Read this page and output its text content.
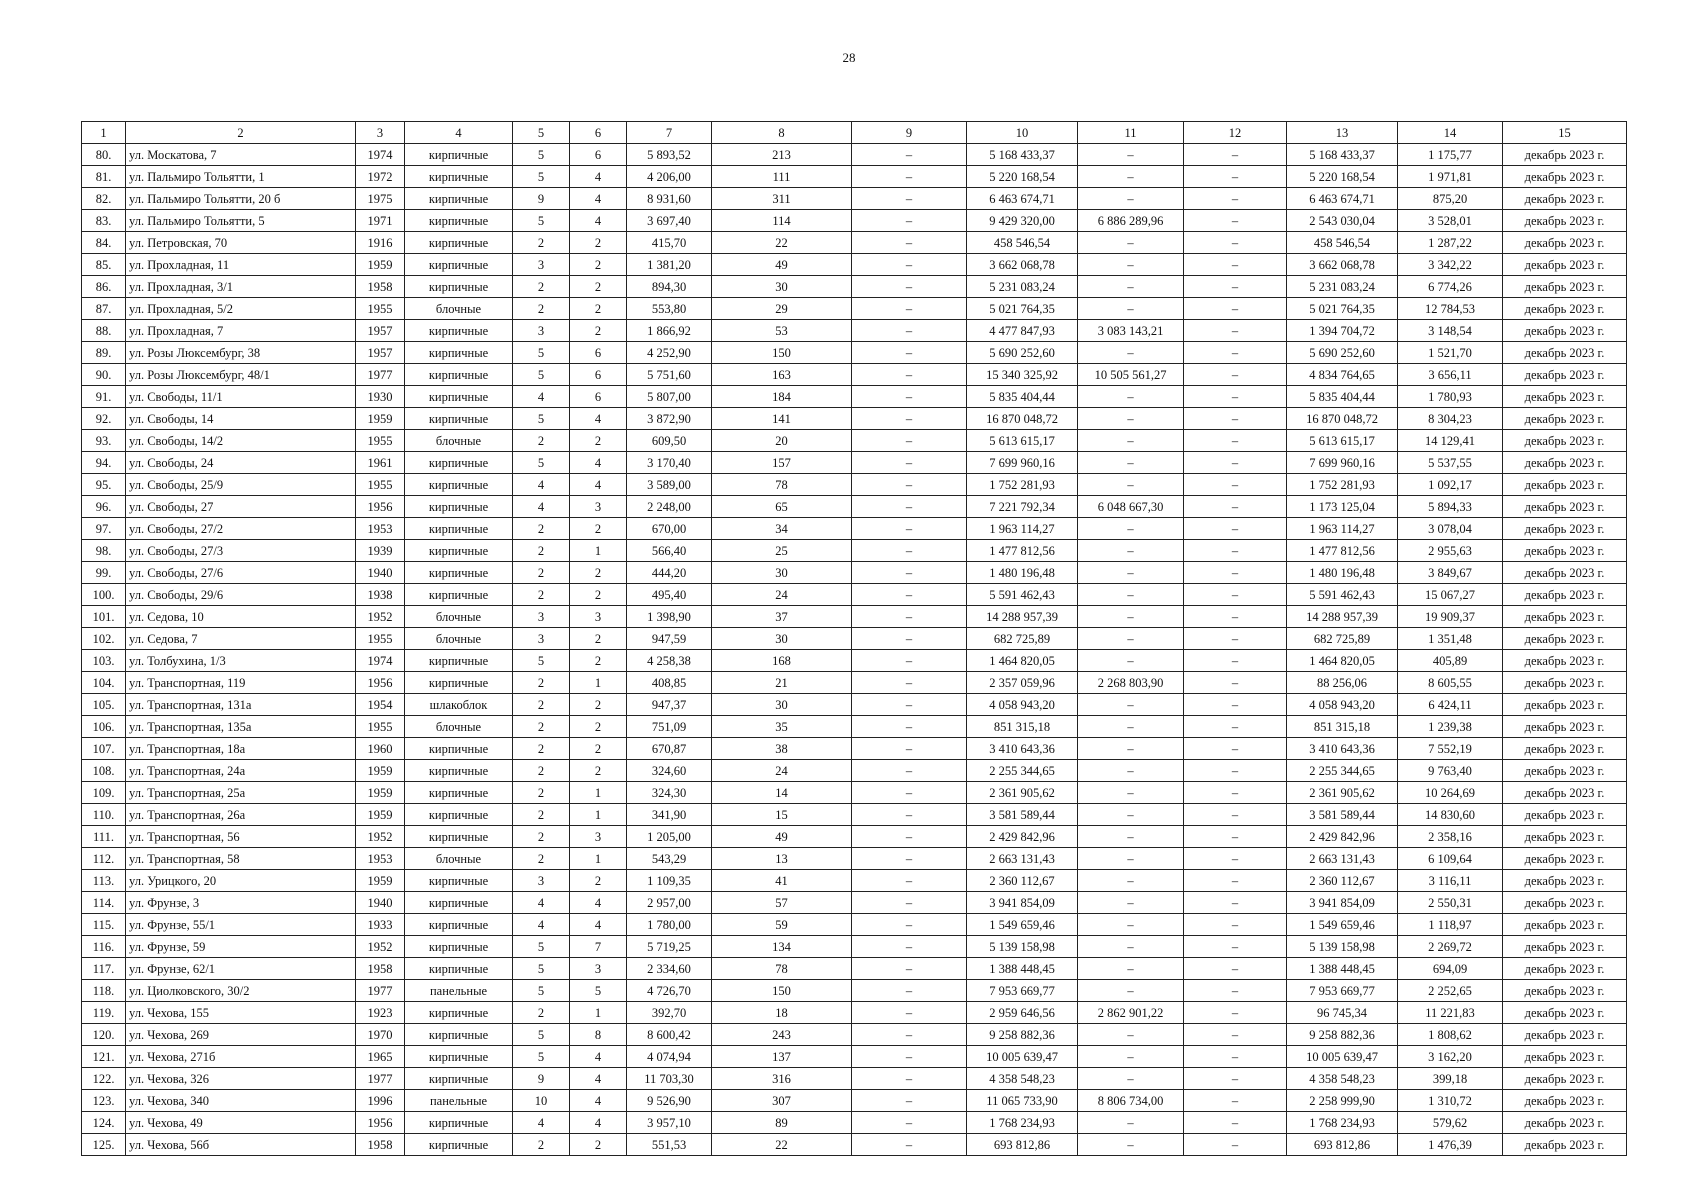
28
1	2	3	4	5	6	7	8	9	10	11	12	13	14	15
80.	ул. Москатова, 7	1974	кирпичные	5	6	5 893,52	213	–	5 168 433,37	–	–	5 168 433,37	1 175,77	декабрь 2023 г.
81.	ул. Пальмиро Тольятти, 1	1972	кирпичные	5	4	4 206,00	111	–	5 220 168,54	–	–	5 220 168,54	1 971,81	декабрь 2023 г.
82.	ул. Пальмиро Тольятти, 20 б	1975	кирпичные	9	4	8 931,60	311	–	6 463 674,71	–	–	6 463 674,71	875,20	декабрь 2023 г.
83.	ул. Пальмиро Тольятти, 5	1971	кирпичные	5	4	3 697,40	114	–	9 429 320,00	6 886 289,96	–	2 543 030,04	3 528,01	декабрь 2023 г.
84.	ул. Петровская, 70	1916	кирпичные	2	2	415,70	22	–	458 546,54	–	–	458 546,54	1 287,22	декабрь 2023 г.
85.	ул. Прохладная, 11	1959	кирпичные	3	2	1 381,20	49	–	3 662 068,78	–	–	3 662 068,78	3 342,22	декабрь 2023 г.
86.	ул. Прохладная, 3/1	1958	кирпичные	2	2	894,30	30	–	5 231 083,24	–	–	5 231 083,24	6 774,26	декабрь 2023 г.
87.	ул. Прохладная, 5/2	1955	блочные	2	2	553,80	29	–	5 021 764,35	–	–	5 021 764,35	12 784,53	декабрь 2023 г.
88.	ул. Прохладная, 7	1957	кирпичные	3	2	1 866,92	53	–	4 477 847,93	3 083 143,21	–	1 394 704,72	3 148,54	декабрь 2023 г.
89.	ул. Розы Люксембург, 38	1957	кирпичные	5	6	4 252,90	150	–	5 690 252,60	–	–	5 690 252,60	1 521,70	декабрь 2023 г.
90.	ул. Розы Люксембург, 48/1	1977	кирпичные	5	6	5 751,60	163	–	15 340 325,92	10 505 561,27	–	4 834 764,65	3 656,11	декабрь 2023 г.
91.	ул. Свободы, 11/1	1930	кирпичные	4	6	5 807,00	184	–	5 835 404,44	–	–	5 835 404,44	1 780,93	декабрь 2023 г.
92.	ул. Свободы, 14	1959	кирпичные	5	4	3 872,90	141	–	16 870 048,72	–	–	16 870 048,72	8 304,23	декабрь 2023 г.
93.	ул. Свободы, 14/2	1955	блочные	2	2	609,50	20	–	5 613 615,17	–	–	5 613 615,17	14 129,41	декабрь 2023 г.
94.	ул. Свободы, 24	1961	кирпичные	5	4	3 170,40	157	–	7 699 960,16	–	–	7 699 960,16	5 537,55	декабрь 2023 г.
95.	ул. Свободы, 25/9	1955	кирпичные	4	4	3 589,00	78	–	1 752 281,93	–	–	1 752 281,93	1 092,17	декабрь 2023 г.
96.	ул. Свободы, 27	1956	кирпичные	4	3	2 248,00	65	–	7 221 792,34	6 048 667,30	–	1 173 125,04	5 894,33	декабрь 2023 г.
97.	ул. Свободы, 27/2	1953	кирпичные	2	2	670,00	34	–	1 963 114,27	–	–	1 963 114,27	3 078,04	декабрь 2023 г.
98.	ул. Свободы, 27/3	1939	кирпичные	2	1	566,40	25	–	1 477 812,56	–	–	1 477 812,56	2 955,63	декабрь 2023 г.
99.	ул. Свободы, 27/6	1940	кирпичные	2	2	444,20	30	–	1 480 196,48	–	–	1 480 196,48	3 849,67	декабрь 2023 г.
100.	ул. Свободы, 29/6	1938	кирпичные	2	2	495,40	24	–	5 591 462,43	–	–	5 591 462,43	15 067,27	декабрь 2023 г.
101.	ул. Седова, 10	1952	блочные	3	3	1 398,90	37	–	14 288 957,39	–	–	14 288 957,39	19 909,37	декабрь 2023 г.
102.	ул. Седова, 7	1955	блочные	3	2	947,59	30	–	682 725,89	–	–	682 725,89	1 351,48	декабрь 2023 г.
103.	ул. Толбухина, 1/3	1974	кирпичные	5	2	4 258,38	168	–	1 464 820,05	–	–	1 464 820,05	405,89	декабрь 2023 г.
104.	ул. Транспортная, 119	1956	кирпичные	2	1	408,85	21	–	2 357 059,96	2 268 803,90	–	88 256,06	8 605,55	декабрь 2023 г.
105.	ул. Транспортная, 131а	1954	шлакоблок	2	2	947,37	30	–	4 058 943,20	–	–	4 058 943,20	6 424,11	декабрь 2023 г.
106.	ул. Транспортная, 135а	1955	блочные	2	2	751,09	35	–	851 315,18	–	–	851 315,18	1 239,38	декабрь 2023 г.
107.	ул. Транспортная, 18а	1960	кирпичные	2	2	670,87	38	–	3 410 643,36	–	–	3 410 643,36	7 552,19	декабрь 2023 г.
108.	ул. Транспортная, 24а	1959	кирпичные	2	2	324,60	24	–	2 255 344,65	–	–	2 255 344,65	9 763,40	декабрь 2023 г.
109.	ул. Транспортная, 25а	1959	кирпичные	2	1	324,30	14	–	2 361 905,62	–	–	2 361 905,62	10 264,69	декабрь 2023 г.
110.	ул. Транспортная, 26а	1959	кирпичные	2	1	341,90	15	–	3 581 589,44	–	–	3 581 589,44	14 830,60	декабрь 2023 г.
111.	ул. Транспортная, 56	1952	кирпичные	2	3	1 205,00	49	–	2 429 842,96	–	–	2 429 842,96	2 358,16	декабрь 2023 г.
112.	ул. Транспортная, 58	1953	блочные	2	1	543,29	13	–	2 663 131,43	–	–	2 663 131,43	6 109,64	декабрь 2023 г.
113.	ул. Урицкого, 20	1959	кирпичные	3	2	1 109,35	41	–	2 360 112,67	–	–	2 360 112,67	3 116,11	декабрь 2023 г.
114.	ул. Фрунзе, 3	1940	кирпичные	4	4	2 957,00	57	–	3 941 854,09	–	–	3 941 854,09	2 550,31	декабрь 2023 г.
115.	ул. Фрунзе, 55/1	1933	кирпичные	4	4	1 780,00	59	–	1 549 659,46	–	–	1 549 659,46	1 118,97	декабрь 2023 г.
116.	ул. Фрунзе, 59	1952	кирпичные	5	7	5 719,25	134	–	5 139 158,98	–	–	5 139 158,98	2 269,72	декабрь 2023 г.
117.	ул. Фрунзе, 62/1	1958	кирпичные	5	3	2 334,60	78	–	1 388 448,45	–	–	1 388 448,45	694,09	декабрь 2023 г.
118.	ул. Циолковского, 30/2	1977	панельные	5	5	4 726,70	150	–	7 953 669,77	–	–	7 953 669,77	2 252,65	декабрь 2023 г.
119.	ул. Чехова, 155	1923	кирпичные	2	1	392,70	18	–	2 959 646,56	2 862 901,22	–	96 745,34	11 221,83	декабрь 2023 г.
120.	ул. Чехова, 269	1970	кирпичные	5	8	8 600,42	243	–	9 258 882,36	–	–	9 258 882,36	1 808,62	декабрь 2023 г.
121.	ул. Чехова, 271б	1965	кирпичные	5	4	4 074,94	137	–	10 005 639,47	–	–	10 005 639,47	3 162,20	декабрь 2023 г.
122.	ул. Чехова, 326	1977	кирпичные	9	4	11 703,30	316	–	4 358 548,23	–	–	4 358 548,23	399,18	декабрь 2023 г.
123.	ул. Чехова, 340	1996	панельные	10	4	9 526,90	307	–	11 065 733,90	8 806 734,00	–	2 258 999,90	1 310,72	декабрь 2023 г.
124.	ул. Чехова, 49	1956	кирпичные	4	4	3 957,10	89	–	1 768 234,93	–	–	1 768 234,93	579,62	декабрь 2023 г.
125.	ул. Чехова, 56б	1958	кирпичные	2	2	551,53	22	–	693 812,86	–	–	693 812,86	1 476,39	декабрь 2023 г.
